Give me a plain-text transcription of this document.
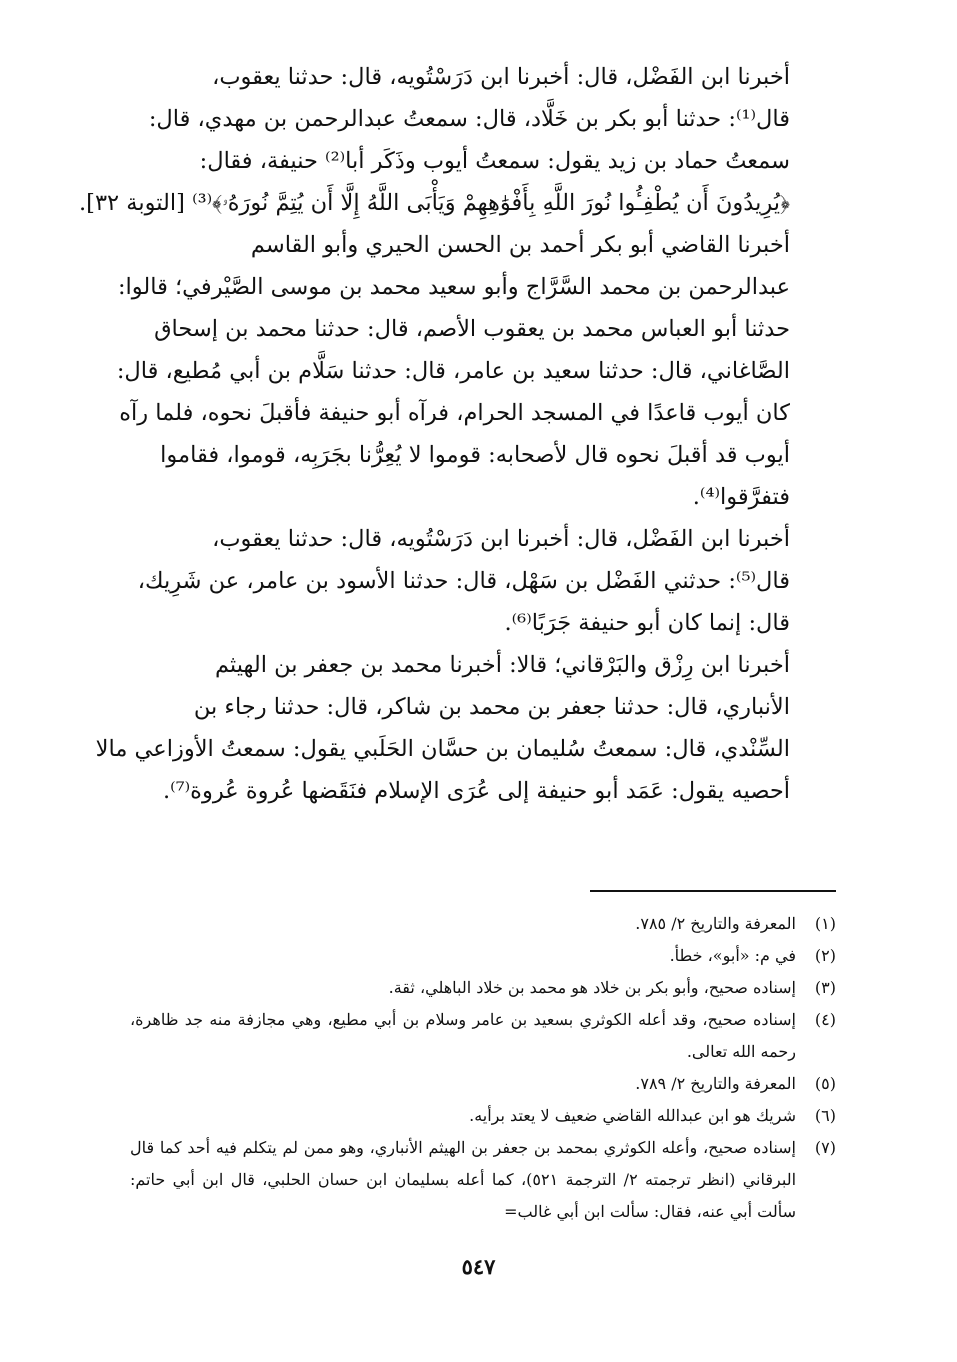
أخبرنا ابن الفَضْل، قال: أخبرنا ابن دَرَسْتُويه، قال: حدثنا يعقوب،
قال⁽¹⁾: حدثنا أبو بكر بن خَلَّاد، قال: سمعتُ عبدالرحمن بن مهدي، قال:
سمعتُ حماد بن زيد يقول: سمعتُ أيوب وذَكَر أبا⁽²⁾ حنيفة، فقال:
﴿يُرِيدُونَ أَن يُطْفِـُٔوا نُورَ اللَّهِ بِأَفْوَٰهِهِمْ وَيَأْبَى اللَّهُ إِلَّا أَن يُتِمَّ نُورَهُۥ﴾⁽³⁾ [التوبة ٣٢].

أخبرنا القاضي أبو بكر أحمد بن الحسن الحيري وأبو القاسم
عبدالرحمن بن محمد السَّرَّاج وأبو سعيد محمد بن موسى الصَّيْرفي؛ قالوا:
حدثنا أبو العباس محمد بن يعقوب الأصم، قال: حدثنا محمد بن إسحاق
الصَّاغاني، قال: حدثنا سعيد بن عامر، قال: حدثنا سَلَّام بن أبي مُطيع، قال:
كان أيوب قاعدًا في المسجد الحرام، فرآه أبو حنيفة فأقبلَ نحوه، فلما رآه
أيوب قد أقبلَ نحوه قال لأصحابه: قوموا لا يُعِرُّنا بجَرَبِه، قوموا، فقاموا
فتفرَّقوا⁽⁴⁾.

أخبرنا ابن الفَضْل، قال: أخبرنا ابن دَرَسْتُويه، قال: حدثنا يعقوب،
قال⁽⁵⁾: حدثني الفَضْل بن سَهْل، قال: حدثنا الأسود بن عامر، عن شَرِيك،
قال: إنما كان أبو حنيفة جَرَبًا⁽⁶⁾.

أخبرنا ابن رِزْق والبَرْقاني؛ قالا: أخبرنا محمد بن جعفر بن الهيثم
الأنباري، قال: حدثنا جعفر بن محمد بن شاكر، قال: حدثنا رجاء بن
السِّنْدي، قال: سمعتُ سُليمان بن حسَّان الحَلَبي يقول: سمعتُ الأوزاعي مالا
أحصيه يقول: عَمَد أبو حنيفة إلى عُرَى الإسلام فنَقَضها عُروة عُروة⁽⁷⁾.

(١)
المعرفة والتاريخ ٢/ ٧٨٥.
(٢)
في م: «أبو»، خطأ.
(٣)
إسناده صحيح، وأبو بكر بن خلاد هو محمد بن خلاد الباهلي، ثقة.
(٤)
إسناده صحيح، وقد أعله الكوثري بسعيد بن عامر وسلام بن أبي مطيع، وهي مجازفة منه جد ظاهرة، رحمه الله تعالى.
(٥)
المعرفة والتاريخ ٢/ ٧٨٩.
(٦)
شريك هو ابن عبدالله القاضي ضعيف لا يعتد برأيه.
(٧)
إسناده صحيح، وأعله الكوثري بمحمد بن جعفر بن الهيثم الأنباري، وهو ممن لم يتكلم فيه أحد كما قال البرقاني (انظر ترجمته ٢/ الترجمة ٥٢١)، كما أعله بسليمان ابن حسان الحلبي، قال ابن أبي حاتم: سألت أبي عنه، فقال: سألت ابن أبي غالب=
٥٤٧
